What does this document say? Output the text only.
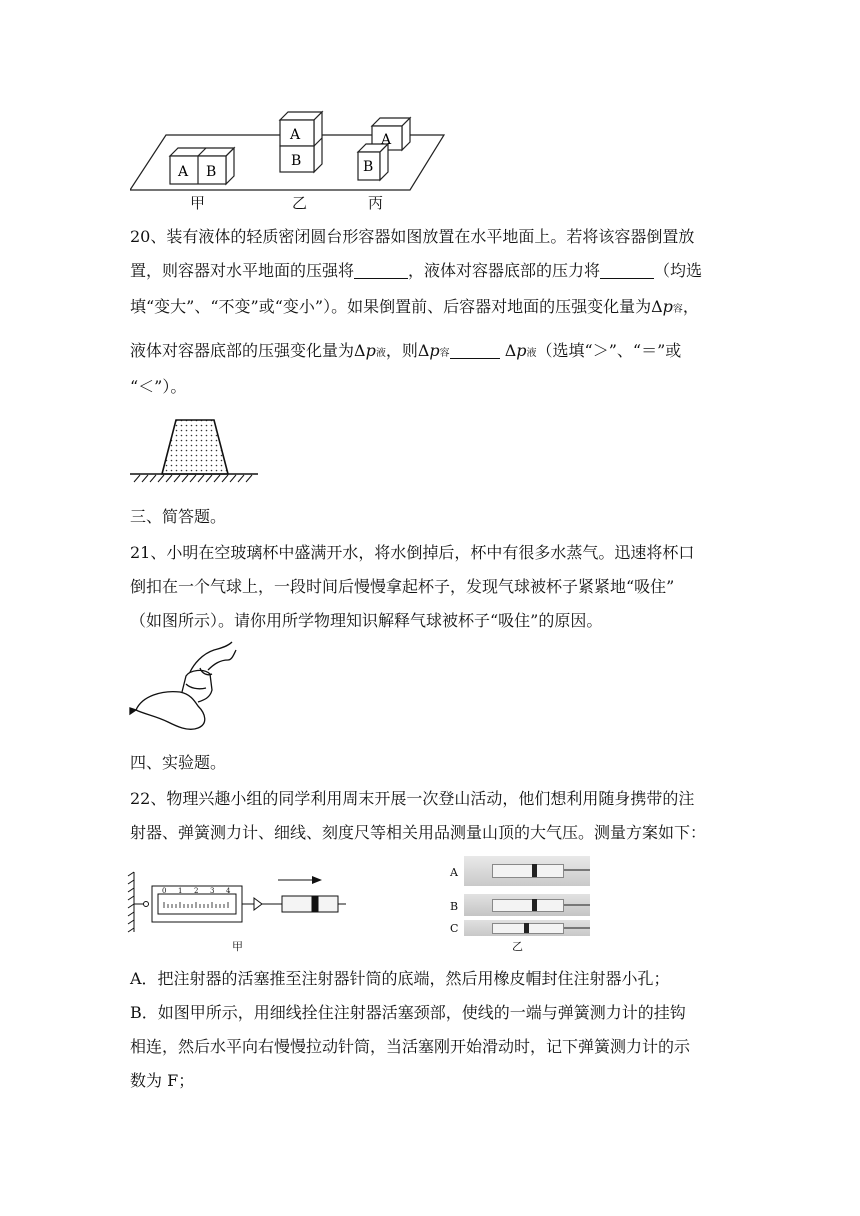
A B
A
B
A
B
甲	乙	丙
20、装有液体的轻质密闭圆台形容器如图放置在水平地面上。若将该容器倒置放
置，则容器对水平地面的压强将	，液体对容器底部的压力将	（均选
填“变大”、“不变”或“变小”）。如果倒置前、后容器对地面的压强变化量为Δp容，
液体对容器底部的压强变化量为Δp液，则Δp容	Δp液（选填“＞”、“＝”或
“＜”）。
三、简答题。
21、小明在空玻璃杯中盛满开水，将水倒掉后，杯中有很多水蒸气。迅速将杯口
倒扣在一个气球上，一段时间后慢慢拿起杯子，发现气球被杯子紧紧地“吸住”
（如图所示）。请你用所学物理知识解释气球被杯子“吸住”的原因。
四、实验题。
22、物理兴趣小组的同学利用周末开展一次登山活动，他们想利用随身携带的注
射器、弹簧测力计、细线、刻度尺等相关用品测量山顶的大气压。测量方案如下：
0 1 2 3 4
甲
A
B
C
乙
A．把注射器的活塞推至注射器针筒的底端，然后用橡皮帽封住注射器小孔；
B．如图甲所示，用细线拴住注射器活塞颈部，使线的一端与弹簧测力计的挂钩
相连，然后水平向右慢慢拉动针筒，当活塞刚开始滑动时，记下弹簧测力计的示
数为 F；
